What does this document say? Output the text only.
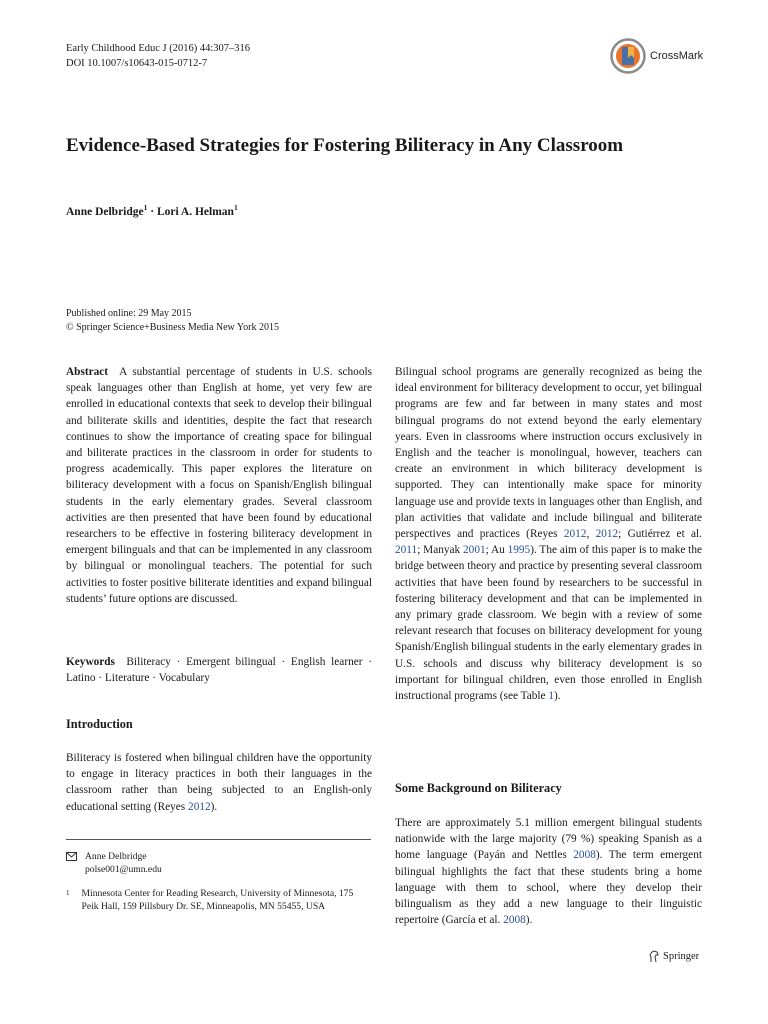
Early Childhood Educ J (2016) 44:307–316
DOI 10.1007/s10643-015-0712-7
CrossMark
Evidence-Based Strategies for Fostering Biliteracy in Any Classroom
Anne Delbridge$^1$ · Lori A. Helman$^1$
Published online: 29 May 2015
© Springer Science+Business Media New York 2015
Abstract A substantial percentage of students in U.S. schools speak languages other than English at home, yet very few are enrolled in educational contexts that seek to develop their bilingual and biliterate skills and identities, despite the fact that research continues to show the importance of creating space for bilingual and biliterate practices in the classroom in order for students to progress academically. This paper explores the literature on biliteracy development with a focus on Spanish/English bilingual students in the early elementary grades. Several classroom activities are then presented that have been found by educational researchers to be effective in fostering biliteracy development in emergent bilinguals and that can be implemented in any classroom by bilingual or monolingual teachers. The potential for such activities to foster positive biliterate identities and expand bilingual students’ future options are discussed.
Keywords Biliteracy · Emergent bilingual · English learner · Latino · Literature · Vocabulary
Introduction
Biliteracy is fostered when bilingual children have the opportunity to engage in literacy practices in both their languages in the classroom rather than being subjected to an English-only educational setting (Reyes 2012).
Anne Delbridge
polse001@umn.edu
1 Minnesota Center for Reading Research, University of Minnesota, 175 Peik Hall, 159 Pillsbury Dr. SE, Minneapolis, MN 55455, USA
Bilingual school programs are generally recognized as being the ideal environment for biliteracy development to occur, yet bilingual programs are few and far between in many states and most bilingual programs do not extend beyond the early elementary years. Even in classrooms where instruction occurs exclusively in English and the teacher is monolingual, however, teachers can create an environment in which biliteracy development is supported. They can intentionally make space for minority language use and provide texts in languages other than English, and plan activities that validate and include bilingual and biliterate perspectives and practices (Reyes 2012, 2012; Gutiérrez et al. 2011; Manyak 2001; Au 1995). The aim of this paper is to make the bridge between theory and practice by presenting several classroom activities that have been found by researchers to be successful in fostering biliteracy development and that can be implemented in any primary grade classroom. We begin with a review of some relevant research that focuses on biliteracy development for young Spanish/English bilingual students in the early elementary grades in U.S. schools and discuss why biliteracy development is so important for bilingual children, even those enrolled in English instructional programs (see Table 1).
Some Background on Biliteracy
There are approximately 5.1 million emergent bilingual students nationwide with the large majority (79 %) speaking Spanish as a home language (Payán and Nettles 2008). The term emergent bilingual highlights the fact that these students bring a home language with them to school, where they develop their bilingualism as they add a new language to their linguistic repertoire (García et al. 2008).
Springer
